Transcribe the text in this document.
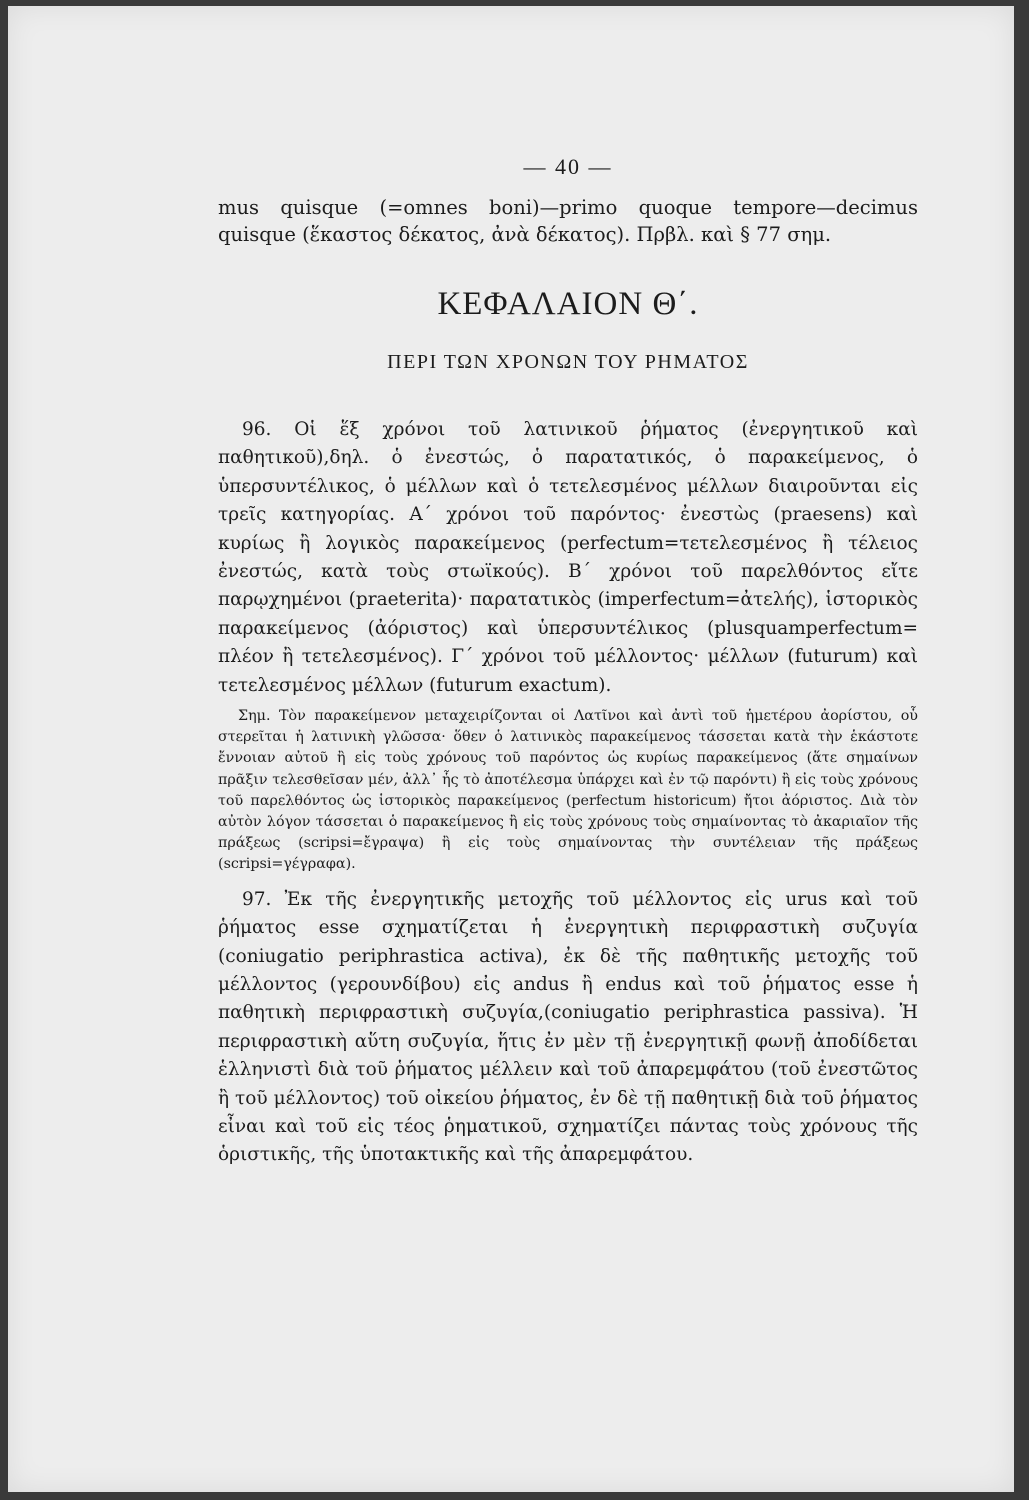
— 40 —

mus quisque (=omnes boni)—primo quoque tempore—decimus quisque (ἕκαστος δέκατος, ἀνὰ δέκατος). Πρβλ. καὶ § 77 σημ.

ΚΕΦΑΛΑΙΟΝ Θ΄.
ΠΕΡΙ ΤΩΝ ΧΡΟΝΩΝ ΤΟΥ ΡΗΜΑΤΟΣ

96. Οἱ ἕξ χρόνοι τοῦ λατινικοῦ ῥήματος (ἐνεργητικοῦ καὶ παθητικοῦ),δηλ. ὁ ἐνεστώς, ὁ παρατατικός, ὁ παρακείμενος, ὁ ὑπερσυντέλικος, ὁ μέλλων καὶ ὁ τετελεσμένος μέλλων διαιροῦνται εἰς τρεῖς κατηγορίας. Α΄ χρόνοι τοῦ παρόντος· ἐνεστὼς (praesens) καὶ κυρίως ἢ λογικὸς παρακείμενος (perfectum=τετελεσμένος ἢ τέλειος ἐνεστώς, κατὰ τοὺς στωϊκούς). Β΄ χρόνοι τοῦ παρελθόντος εἴτε παρῳχημένοι (praeterita)· παρατατικὸς (imperfectum=ἀτελής), ἱστορικὸς παρακείμενος (ἀόριστος) καὶ ὑπερσυντέλικος (plusquamperfectum= πλέον ἢ τετελεσμένος). Γ΄ χρόνοι τοῦ μέλλοντος· μέλλων (futurum) καὶ τετελεσμένος μέλλων (futurum exactum).

Σημ. Τὸν παρακείμενον μεταχειρίζονται οἱ Λατῖνοι καὶ ἀντὶ τοῦ ἡμετέρου ἀορίστου, οὗ στερεῖται ἡ λατινικὴ γλῶσσα· ὅθεν ὁ λατινικὸς παρακείμενος τάσσεται κατὰ τὴν ἑκάστοτε ἔννοιαν αὐτοῦ ἢ εἰς τοὺς χρόνους τοῦ παρόντος ὡς κυρίως παρακείμενος (ἅτε σημαίνων πρᾶξιν τελεσθεῖσαν μέν, ἀλλ᾽ ἧς τὸ ἀποτέλεσμα ὑπάρχει καὶ ἐν τῷ παρόντι) ἢ εἰς τοὺς χρόνους τοῦ παρελθόντος ὡς ἱστορικὸς παρακείμενος (perfectum historicum) ἤτοι ἀόριστος. Διὰ τὸν αὐτὸν λόγον τάσσεται ὁ παρακείμενος ἢ εἰς τοὺς χρόνους τοὺς σημαίνοντας τὸ ἀκαριαῖον τῆς πράξεως (scripsi=ἔγραψα) ἢ εἰς τοὺς σημαίνοντας τὴν συντέλειαν τῆς πράξεως (scripsi=γέγραφα).

97. Ἐκ τῆς ἐνεργητικῆς μετοχῆς τοῦ μέλλοντος εἰς urus καὶ τοῦ ῥήματος esse σχηματίζεται ἡ ἐνεργητικὴ περιφραστικὴ συζυγία (coniugatio periphrastica activa), ἐκ δὲ τῆς παθητικῆς μετοχῆς τοῦ μέλλοντος (γερουνδίβου) εἰς andus ἢ endus καὶ τοῦ ῥήματος esse ἡ παθητικὴ περιφραστικὴ συζυγία,(coniugatio periphrastica passiva). Ἡ περιφραστικὴ αὕτη συζυγία, ἥτις ἐν μὲν τῇ ἐνεργητικῇ φωνῇ ἀποδίδεται ἑλληνιστὶ διὰ τοῦ ῥήματος μέλλειν καὶ τοῦ ἀπαρεμφάτου (τοῦ ἐνεστῶτος ἢ τοῦ μέλλοντος) τοῦ οἰκείου ῥήματος, ἐν δὲ τῇ παθητικῇ διὰ τοῦ ῥήματος εἶναι καὶ τοῦ εἰς τέος ῥηματικοῦ, σχηματίζει πάντας τοὺς χρόνους τῆς ὁριστικῆς, τῆς ὑποτακτικῆς καὶ τῆς ἀπαρεμφάτου.
